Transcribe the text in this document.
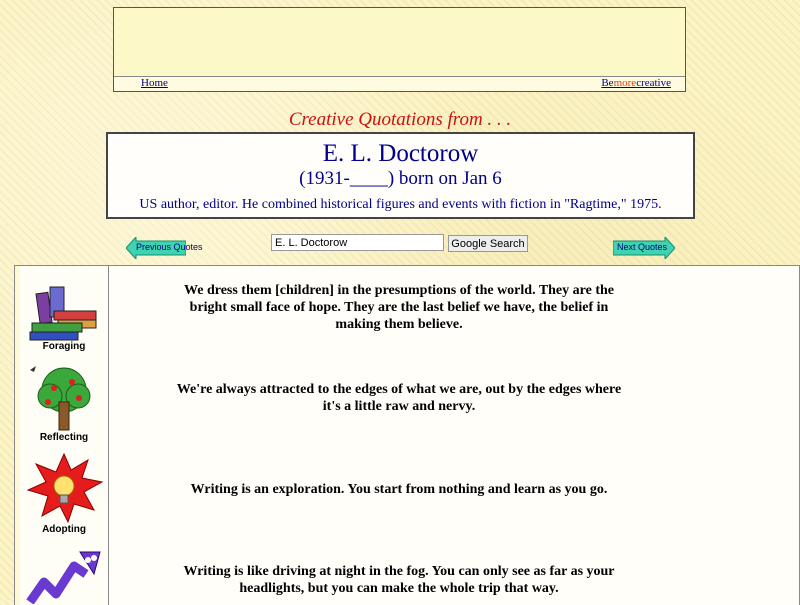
Home	Bemorecreative
Creative Quotations from . . .
E. L. Doctorow
(1931-____) born on Jan 6
US author, editor. He combined historical figures and events with fiction in "Ragtime," 1975.
Previous Quotes
E. L. Doctorow	Google Search	Next Quotes
Foraging
Reflecting
Adopting
We dress them [children] in the presumptions of the world. They are the bright small face of hope. They are the last belief we have, the belief in making them believe.
We're always attracted to the edges of what we are, out by the edges where it's a little raw and nervy.
Writing is an exploration. You start from nothing and learn as you go.
Writing is like driving at night in the fog. You can only see as far as your headlights, but you can make the whole trip that way.
